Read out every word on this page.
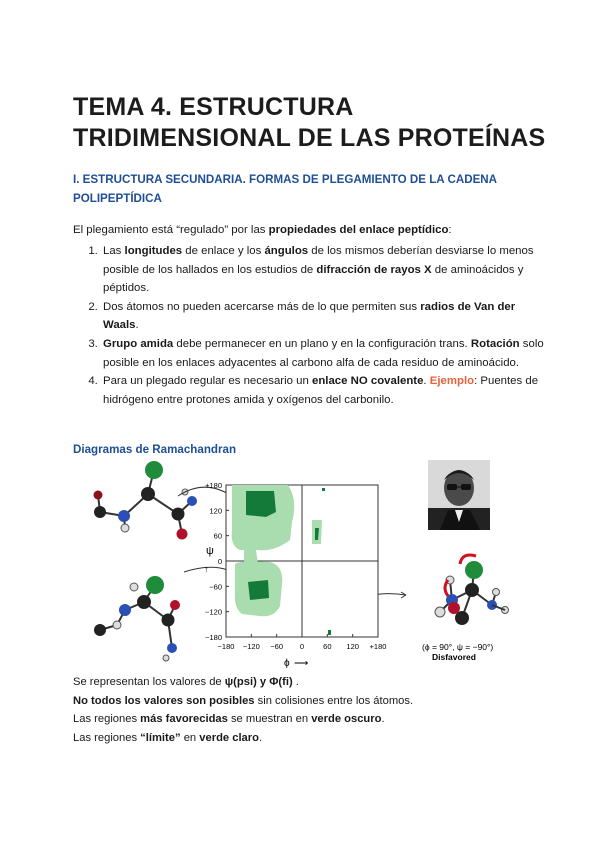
TEMA 4. ESTRUCTURA
TRIDIMENSIONAL DE LAS PROTEÍNAS
I. ESTRUCTURA SECUNDARIA. FORMAS DE PLEGAMIENTO DE LA CADENA
POLIPEPTÍDICA
El plegamiento está “regulado” por las propiedades del enlace peptídico:
1. Las longitudes de enlace y los ángulos de los mismos deberían desviarse lo menos posible de los hallados en los estudios de difracción de rayos X de aminoácidos y péptidos.
2. Dos átomos no pueden acercarse más de lo que permiten sus radios de Van der Waals.
3. Grupo amida debe permanecer en un plano y en la configuración trans. Rotación solo posible en los enlaces adyacentes al carbono alfa de cada residuo de aminoácido.
4. Para un plegado regular es necesario un enlace NO covalente. Ejemplo: Puentes de hidrógeno entre protones amida y oxígenos del carbonilo.
Diagramas de Ramachandran
+180
120
60
0
−60
−120
−180
−180 −120 −60 0	60 120 +180
ψ
↑
ϕ ⟶
(ϕ = 90°, ψ = −90°)
Disfavored
Se representan los valores de ψ(psi) y Φ(fi) .
No todos los valores son posibles sin colisiones entre los átomos.
Las regiones más favorecidas se muestran en verde oscuro.
Las regiones “límite” en verde claro.
